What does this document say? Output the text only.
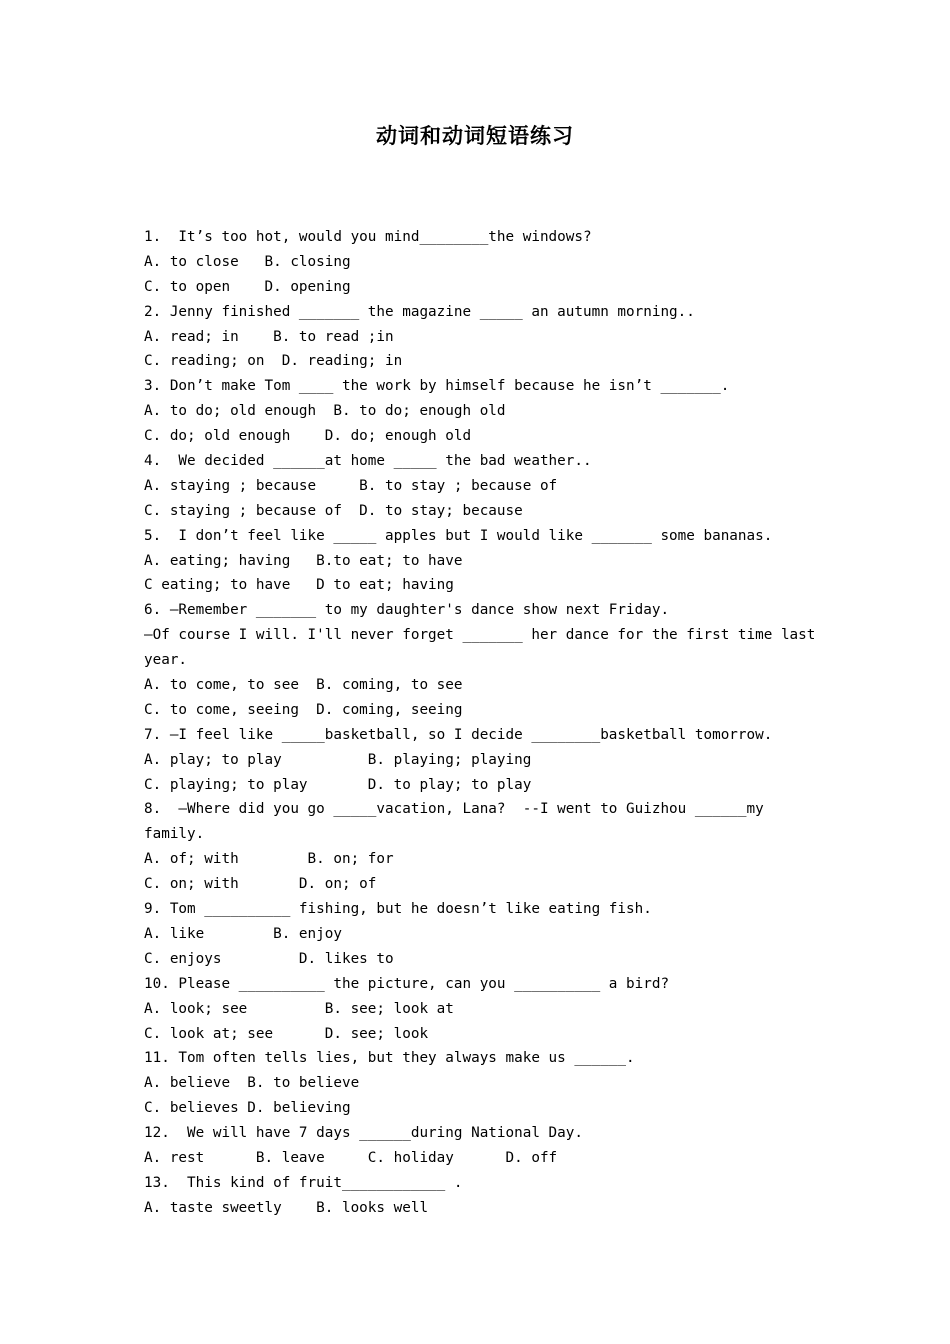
动词和动词短语练习
1.  It’s too hot, would you mind________the windows?
A. to close   B. closing
C. to open    D. opening
2. Jenny finished _______ the magazine _____ an autumn morning..
A. read; in    B. to read ;in
C. reading; on  D. reading; in
3. Don’t make Tom ____ the work by himself because he isn’t _______.
A. to do; old enough  B. to do; enough old
C. do; old enough    D. do; enough old
4.  We decided ______at home _____ the bad weather..
A. staying ; because     B. to stay ; because of
C. staying ; because of  D. to stay; because
5.  I don’t feel like _____ apples but I would like _______ some bananas.
A. eating; having   B.to eat; to have
C eating; to have   D to eat; having
6. —Remember _______ to my daughter's dance show next Friday.
—Of course I will. I'll never forget _______ her dance for the first time last
year.
A. to come, to see  B. coming, to see
C. to come, seeing  D. coming, seeing
7. –I feel like _____basketball, so I decide ________basketball tomorrow.
A. play; to play          B. playing; playing
C. playing; to play       D. to play; to play
8.  –Where did you go _____vacation, Lana?  --I went to Guizhou ______my
family.
A. of; with        B. on; for
C. on; with       D. on; of
9. Tom __________ fishing, but he doesn’t like eating fish.
A. like        B. enjoy
C. enjoys         D. likes to
10. Please __________ the picture, can you __________ a bird?
A. look; see         B. see; look at
C. look at; see      D. see; look
11. Tom often tells lies, but they always make us ______.
A. believe  B. to believe
C. believes D. believing
12.  We will have 7 days ______during National Day.
A. rest      B. leave     C. holiday      D. off
13.  This kind of fruit____________ .
A. taste sweetly    B. looks well
